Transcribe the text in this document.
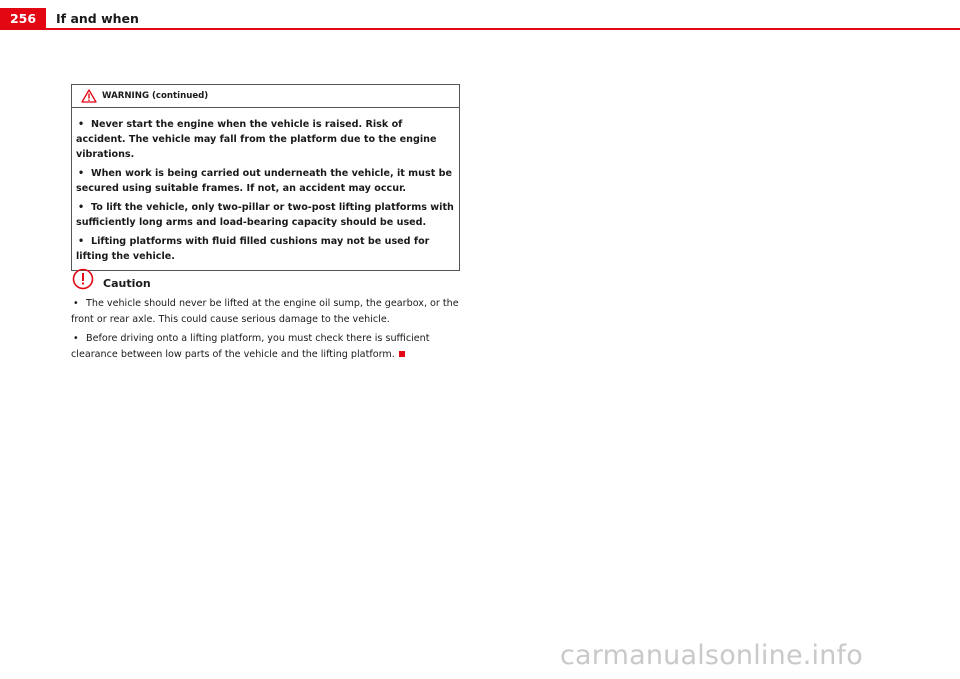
256	If and when
WARNING (continued)
• Never start the engine when the vehicle is raised. Risk of accident. The vehicle may fall from the platform due to the engine vibrations.
• When work is being carried out underneath the vehicle, it must be secured using suitable frames. If not, an accident may occur.
• To lift the vehicle, only two-pillar or two-post lifting platforms with sufficiently long arms and load-bearing capacity should be used.
• Lifting platforms with fluid filled cushions may not be used for lifting the vehicle.
Caution
• The vehicle should never be lifted at the engine oil sump, the gearbox, or the front or rear axle. This could cause serious damage to the vehicle.
• Before driving onto a lifting platform, you must check there is sufficient clearance between low parts of the vehicle and the lifting platform.
carmanualsonline.info
